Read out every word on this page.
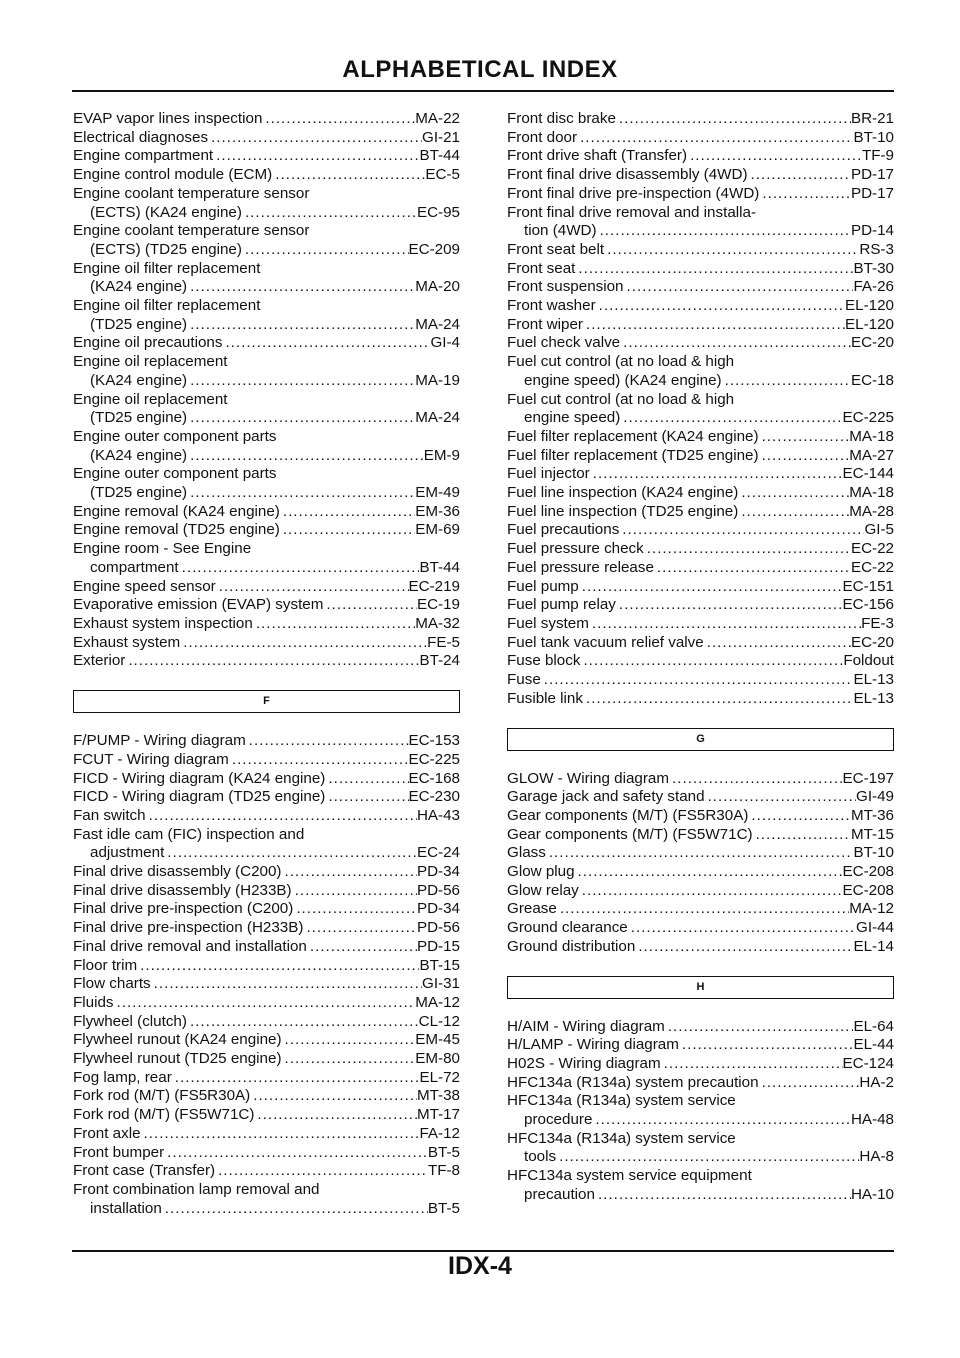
ALPHABETICAL INDEX
EVAP vapor lines inspection .....	MA-22
Electrical diagnoses .....	GI-21
Engine compartment .....	BT-44
Engine control module (ECM) .....	EC-5
Engine coolant temperature sensor
(ECTS) (KA24 engine) .....	EC-95
Engine coolant temperature sensor
(ECTS) (TD25 engine) .....	EC-209
Engine oil filter replacement
(KA24 engine) .....	MA-20
Engine oil filter replacement
(TD25 engine) .....	MA-24
Engine oil precautions .....	GI-4
Engine oil replacement
(KA24 engine) .....	MA-19
Engine oil replacement
(TD25 engine) .....	MA-24
Engine outer component parts
(KA24 engine) .....	EM-9
Engine outer component parts
(TD25 engine) .....	EM-49
Engine removal (KA24 engine) .....	EM-36
Engine removal (TD25 engine) .....	EM-69
Engine room - See Engine
compartment .....	BT-44
Engine speed sensor .....	EC-219
Evaporative emission (EVAP) system .....	EC-19
Exhaust system inspection .....	MA-32
Exhaust system .....	FE-5
Exterior .....	BT-24
F
F/PUMP - Wiring diagram .....	EC-153
FCUT - Wiring diagram .....	EC-225
FICD - Wiring diagram (KA24 engine) .....	EC-168
FICD - Wiring diagram (TD25 engine) .....	EC-230
Fan switch .....	HA-43
Fast idle cam (FIC) inspection and
adjustment .....	EC-24
Final drive disassembly (C200) .....	PD-34
Final drive disassembly (H233B) .....	PD-56
Final drive pre-inspection (C200) .....	PD-34
Final drive pre-inspection (H233B) .....	PD-56
Final drive removal and installation .....	PD-15
Floor trim .....	BT-15
Flow charts .....	GI-31
Fluids .....	MA-12
Flywheel (clutch) .....	CL-12
Flywheel runout (KA24 engine) .....	EM-45
Flywheel runout (TD25 engine) .....	EM-80
Fog lamp, rear .....	EL-72
Fork rod (M/T) (FS5R30A) .....	MT-38
Fork rod (M/T) (FS5W71C) .....	MT-17
Front axle .....	FA-12
Front bumper .....	BT-5
Front case (Transfer) .....	TF-8
Front combination lamp removal and
installation .....	BT-5
Front disc brake .....	BR-21
Front door .....	BT-10
Front drive shaft (Transfer) .....	TF-9
Front final drive disassembly (4WD) .....	PD-17
Front final drive pre-inspection (4WD) .....	PD-17
Front final drive removal and installa-
tion (4WD) .....	PD-14
Front seat belt .....	RS-3
Front seat .....	BT-30
Front suspension .....	FA-26
Front washer .....	EL-120
Front wiper .....	EL-120
Fuel check valve .....	EC-20
Fuel cut control (at no load & high
engine speed) (KA24 engine) .....	EC-18
Fuel cut control (at no load & high
engine speed) .....	EC-225
Fuel filter replacement (KA24 engine) .....	MA-18
Fuel filter replacement (TD25 engine) .....	MA-27
Fuel injector .....	EC-144
Fuel line inspection (KA24 engine) .....	MA-18
Fuel line inspection (TD25 engine) .....	MA-28
Fuel precautions .....	GI-5
Fuel pressure check .....	EC-22
Fuel pressure release .....	EC-22
Fuel pump .....	EC-151
Fuel pump relay .....	EC-156
Fuel system .....	FE-3
Fuel tank vacuum relief valve .....	EC-20
Fuse block .....	Foldout
Fuse .....	EL-13
Fusible link .....	EL-13
G
GLOW - Wiring diagram .....	EC-197
Garage jack and safety stand .....	GI-49
Gear components (M/T) (FS5R30A) .....	MT-36
Gear components (M/T) (FS5W71C) .....	MT-15
Glass .....	BT-10
Glow plug .....	EC-208
Glow relay .....	EC-208
Grease .....	MA-12
Ground clearance .....	GI-44
Ground distribution .....	EL-14
H
H/AIM - Wiring diagram .....	EL-64
H/LAMP - Wiring diagram .....	EL-44
H02S - Wiring diagram .....	EC-124
HFC134a (R134a) system precaution .....	HA-2
HFC134a (R134a) system service
procedure .....	HA-48
HFC134a (R134a) system service
tools .....	HA-8
HFC134a system service equipment
precaution .....	HA-10
IDX-4
